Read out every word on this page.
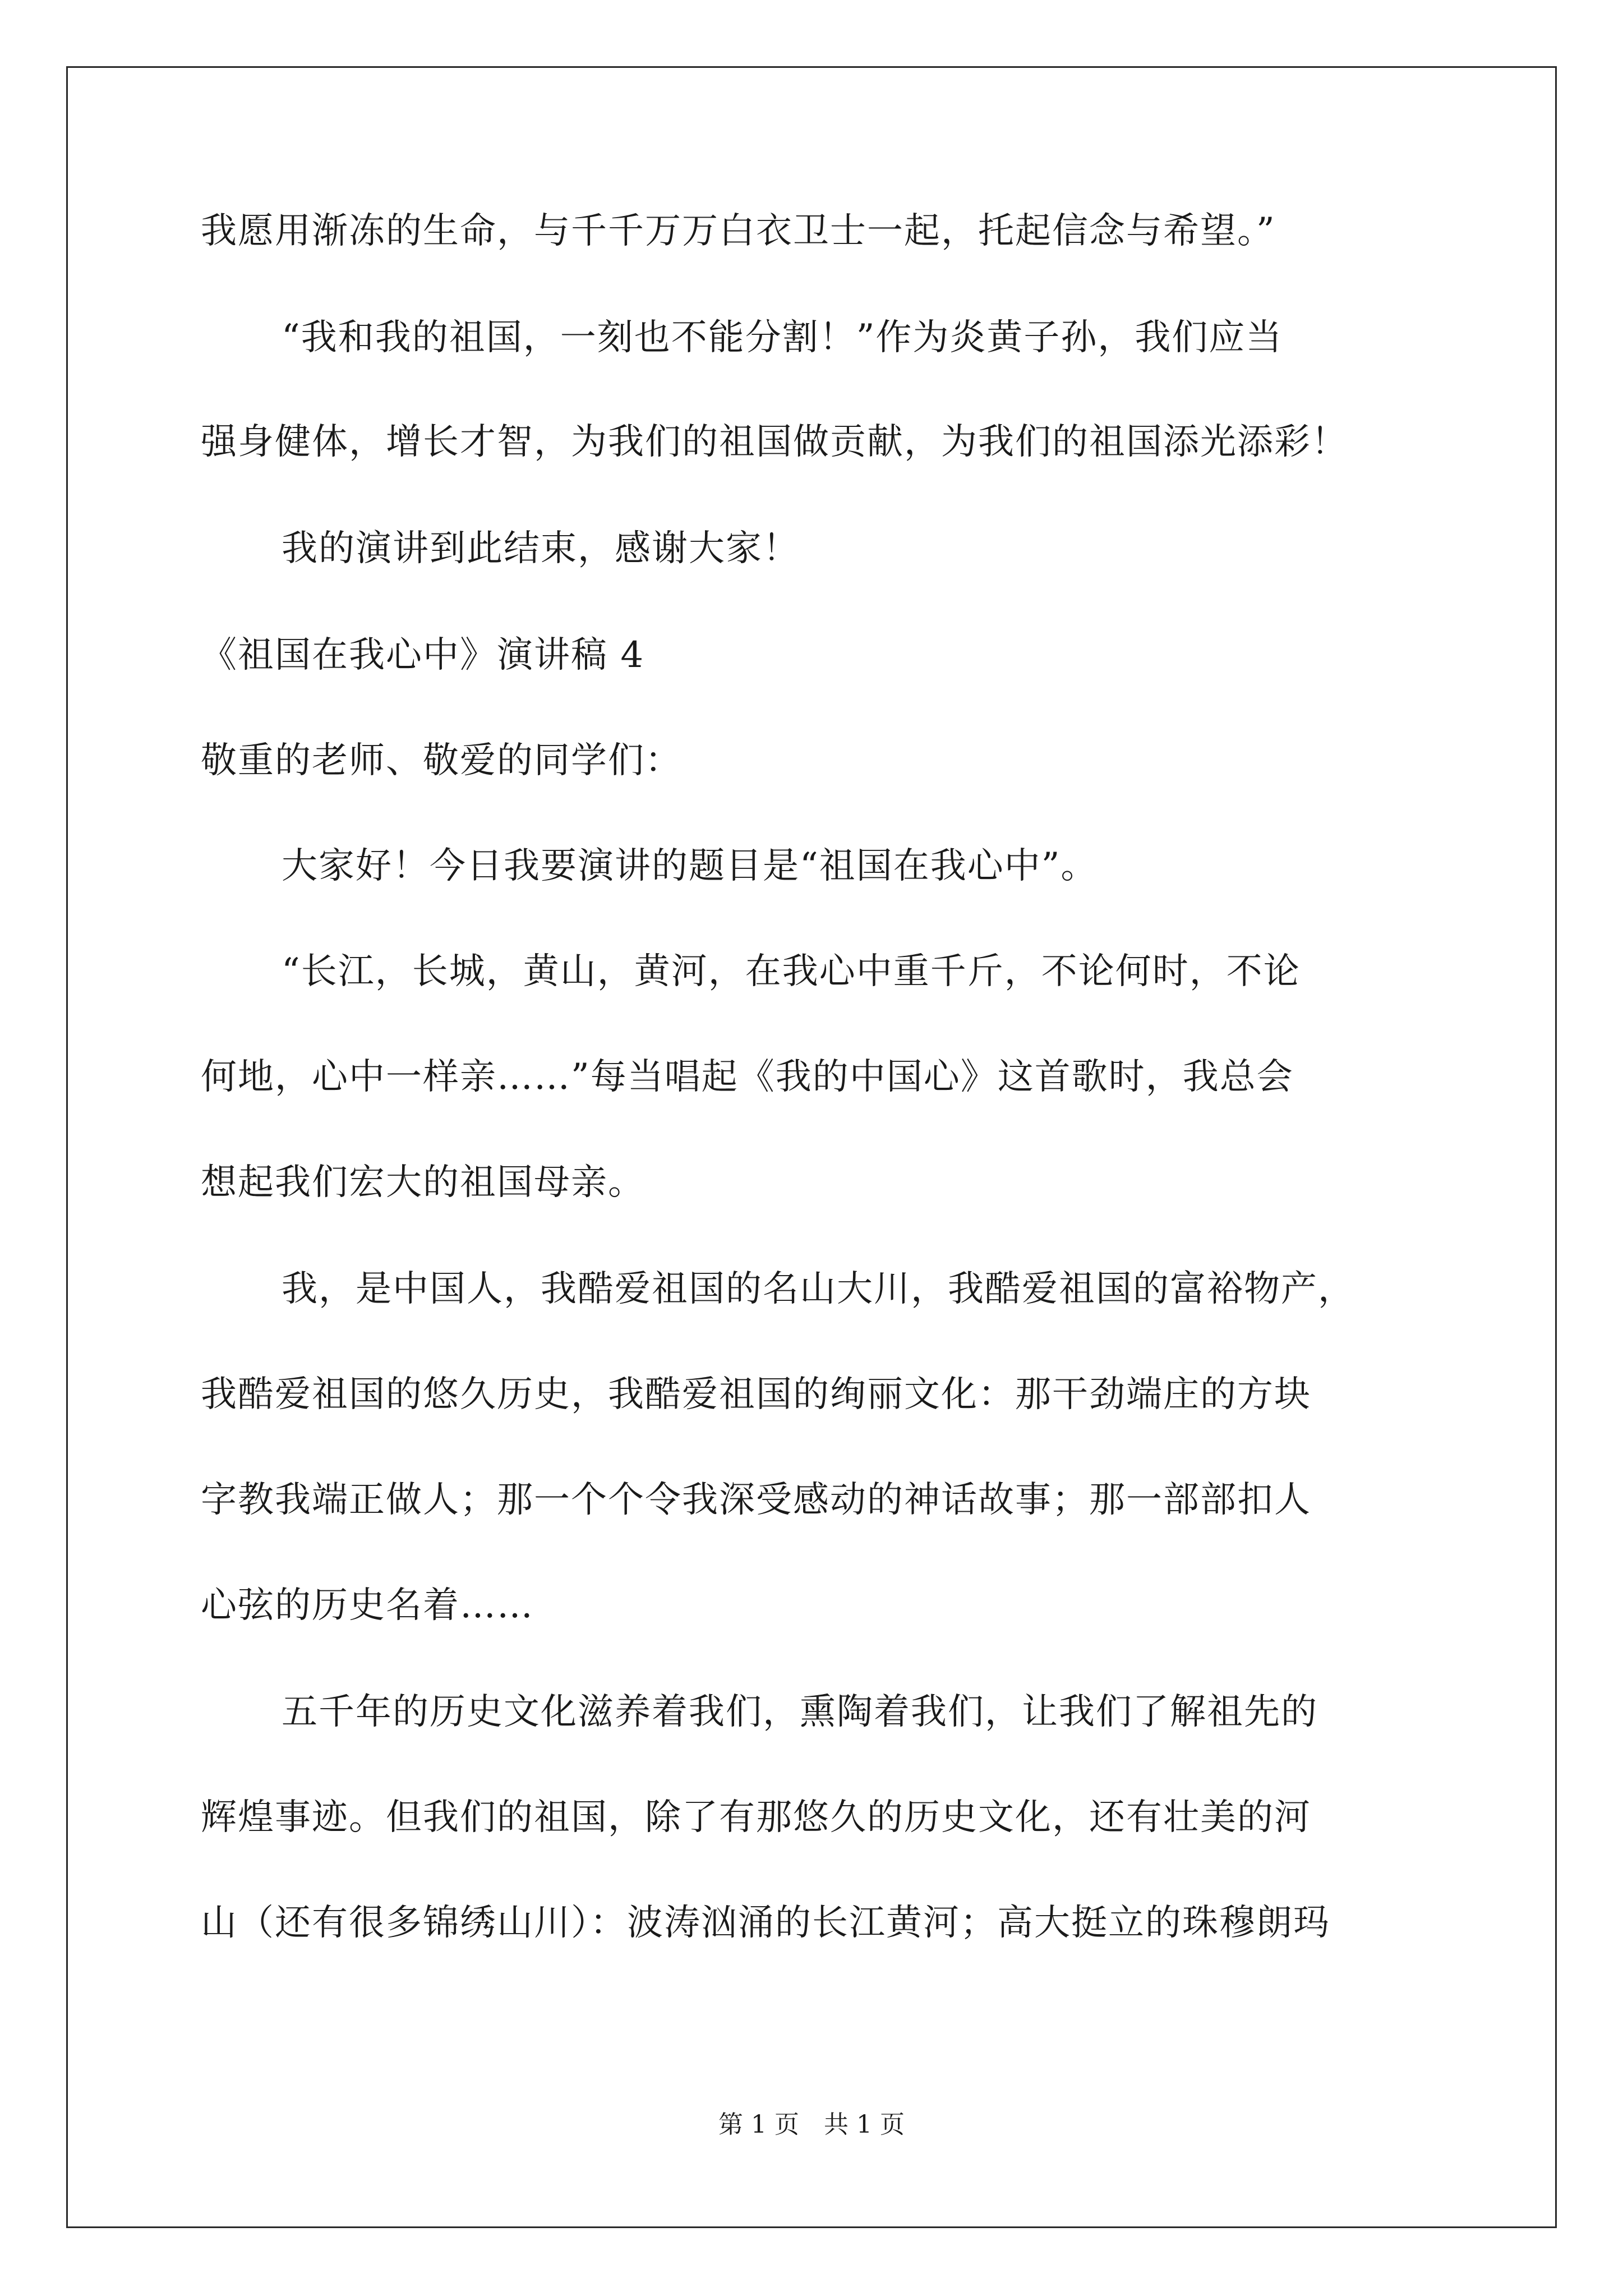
我愿用渐冻的生命，与千千万万白衣卫士一起，托起信念与希望。”
“我和我的祖国，一刻也不能分割！”作为炎黄子孙，我们应当
强身健体，增长才智，为我们的祖国做贡献，为我们的祖国添光添彩！
我的演讲到此结束，感谢大家！
《祖国在我心中》演讲稿 4
敬重的老师、敬爱的同学们：
大家好！今日我要演讲的题目是“祖国在我心中”。
“长江，长城，黄山，黄河，在我心中重千斤，不论何时，不论
何地，心中一样亲……”每当唱起《我的中国心》这首歌时，我总会
想起我们宏大的祖国母亲。
我，是中国人，我酷爱祖国的名山大川，我酷爱祖国的富裕物产，
我酷爱祖国的悠久历史，我酷爱祖国的绚丽文化：那干劲端庄的方块
字教我端正做人；那一个个令我深受感动的神话故事；那一部部扣人
心弦的历史名着……
五千年的历史文化滋养着我们，熏陶着我们，让我们了解祖先的
辉煌事迹。但我们的祖国，除了有那悠久的历史文化，还有壮美的河
山（还有很多锦绣山川）：波涛汹涌的长江黄河；高大挺立的珠穆朗玛
第 1 页　共 1 页
